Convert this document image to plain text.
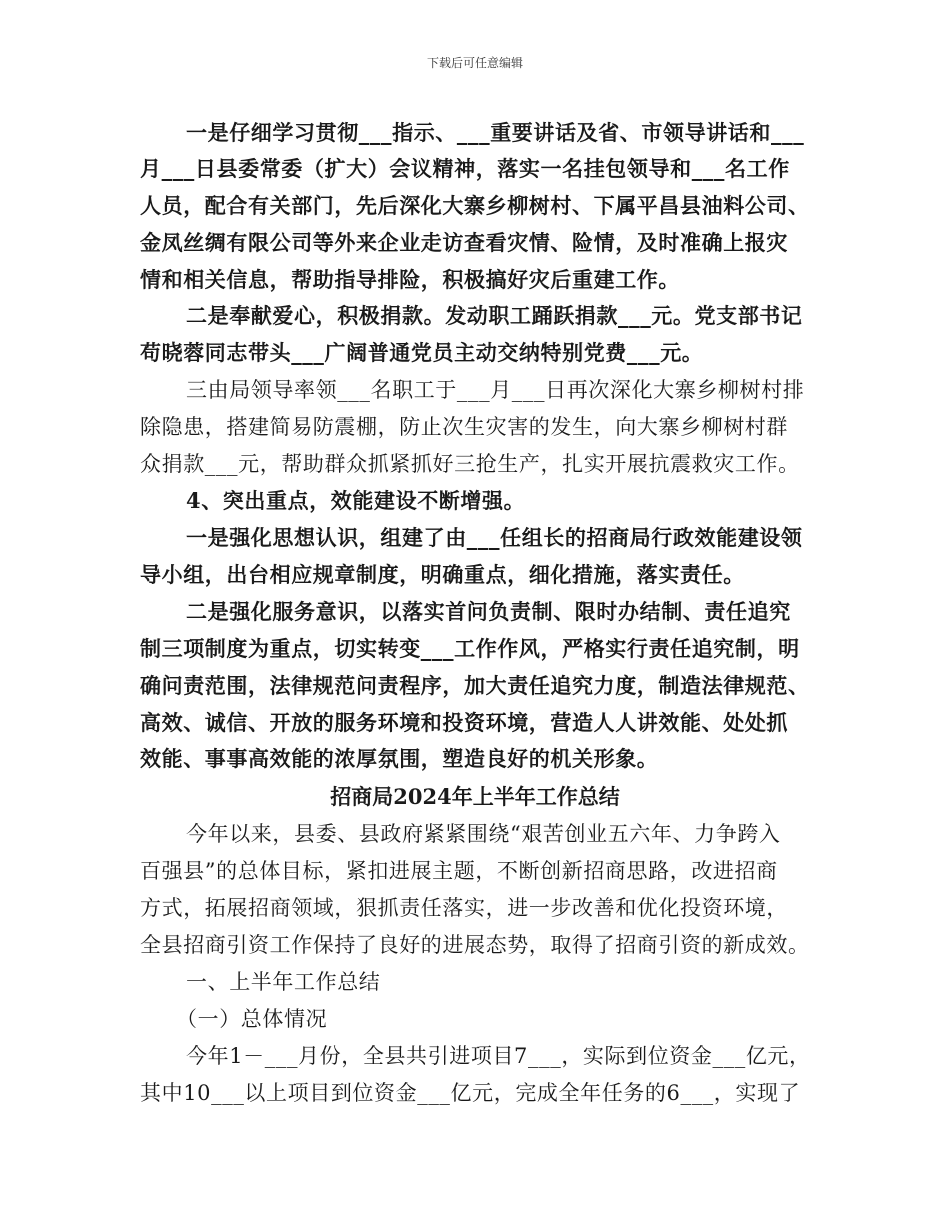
下载后可任意编辑
一是仔细学习贯彻___指示、___重要讲话及省、市领导讲话和___
月___日县委常委（扩大）会议精神，落实一名挂包领导和___名工作
人员，配合有关部门，先后深化大寨乡柳树村、下属平昌县油料公司、
金凤丝绸有限公司等外来企业走访查看灾情、险情，及时准确上报灾
情和相关信息，帮助指导排险，积极搞好灾后重建工作。
二是奉献爱心，积极捐款。发动职工踊跃捐款___元。党支部书记
苟晓蓉同志带头___广阔普通党员主动交纳特别党费___元。
三由局领导率领___名职工于___月___日再次深化大寨乡柳树村排
除隐患，搭建简易防震棚，防止次生灾害的发生，向大寨乡柳树村群
众捐款___元，帮助群众抓紧抓好三抢生产，扎实开展抗震救灾工作。
4、突出重点，效能建设不断增强。
一是强化思想认识，组建了由___任组长的招商局行政效能建设领
导小组，出台相应规章制度，明确重点，细化措施，落实责任。
二是强化服务意识，以落实首问负责制、限时办结制、责任追究
制三项制度为重点，切实转变___工作作风，严格实行责任追究制，明
确问责范围，法律规范问责程序，加大责任追究力度，制造法律规范、
高效、诚信、开放的服务环境和投资环境，营造人人讲效能、处处抓
效能、事事高效能的浓厚氛围，塑造良好的机关形象。
招商局2024年上半年工作总结
今年以来，县委、县政府紧紧围绕“艰苦创业五六年、力争跨入
百强县”的总体目标，紧扣进展主题，不断创新招商思路，改进招商
方式，拓展招商领域，狠抓责任落实，进一步改善和优化投资环境，
全县招商引资工作保持了良好的进展态势，取得了招商引资的新成效。
一、上半年工作总结
（一）总体情况
今年1－___月份，全县共引进项目7___，实际到位资金___亿元，
其中10___以上项目到位资金___亿元，完成全年任务的6___，实现了
